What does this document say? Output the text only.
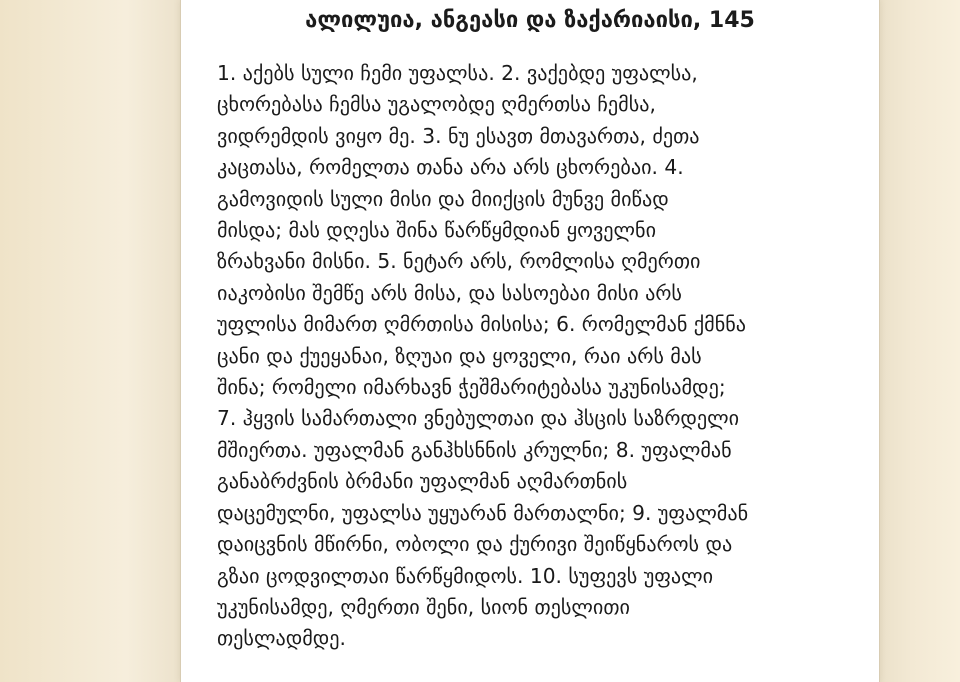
ალილუია, ანგეასი და ზაქარიაისი, 145
1. აქებს სული ჩემი უფალსა. 2. ვაქებდე უფალსა,
ცხორებასა ჩემსა უგალობდე ღმერთსა ჩემსა,
ვიდრემდის ვიყო მე. 3. ნუ ესავთ მთავართა, ძეთა
კაცთასა, რომელთა თანა არა არს ცხორებაი. 4.
გამოვიდის სული მისი და მიიქცის მუნვე მიწად
მისდა; მას დღესა შინა წარწყმდიან ყოველნი
ზრახვანი მისნი. 5. ნეტარ არს, რომლისა ღმერთი
იაკობისი შემწე არს მისა, და სასოებაი მისი არს
უფლისა მიმართ ღმრთისა მისისა; 6. რომელმან ქმნნა
ცანი და ქუეყანაი, ზღუაი და ყოველი, რაი არს მას
შინა; რომელი იმარხავნ ჭეშმარიტებასა უკუნისამდე;
7. ჰყვის სამართალი ვნებულთაი და ჰსცის საზრდელი
მშიერთა. უფალმან განჰხსნნის კრულნი; 8. უფალმან
განაბრძვნის ბრმანი უფალმან აღმართნის
დაცემულნი, უფალსა უყუარან მართალნი; 9. უფალმან
დაიცვნის მწირნი, ობოლი და ქურივი შეიწყნაროს და
გზაი ცოდვილთაი წარწყმიდოს. 10. სუფევს უფალი
უკუნისამდე, ღმერთი შენი, სიონ თესლითი
თესლადმდე.
